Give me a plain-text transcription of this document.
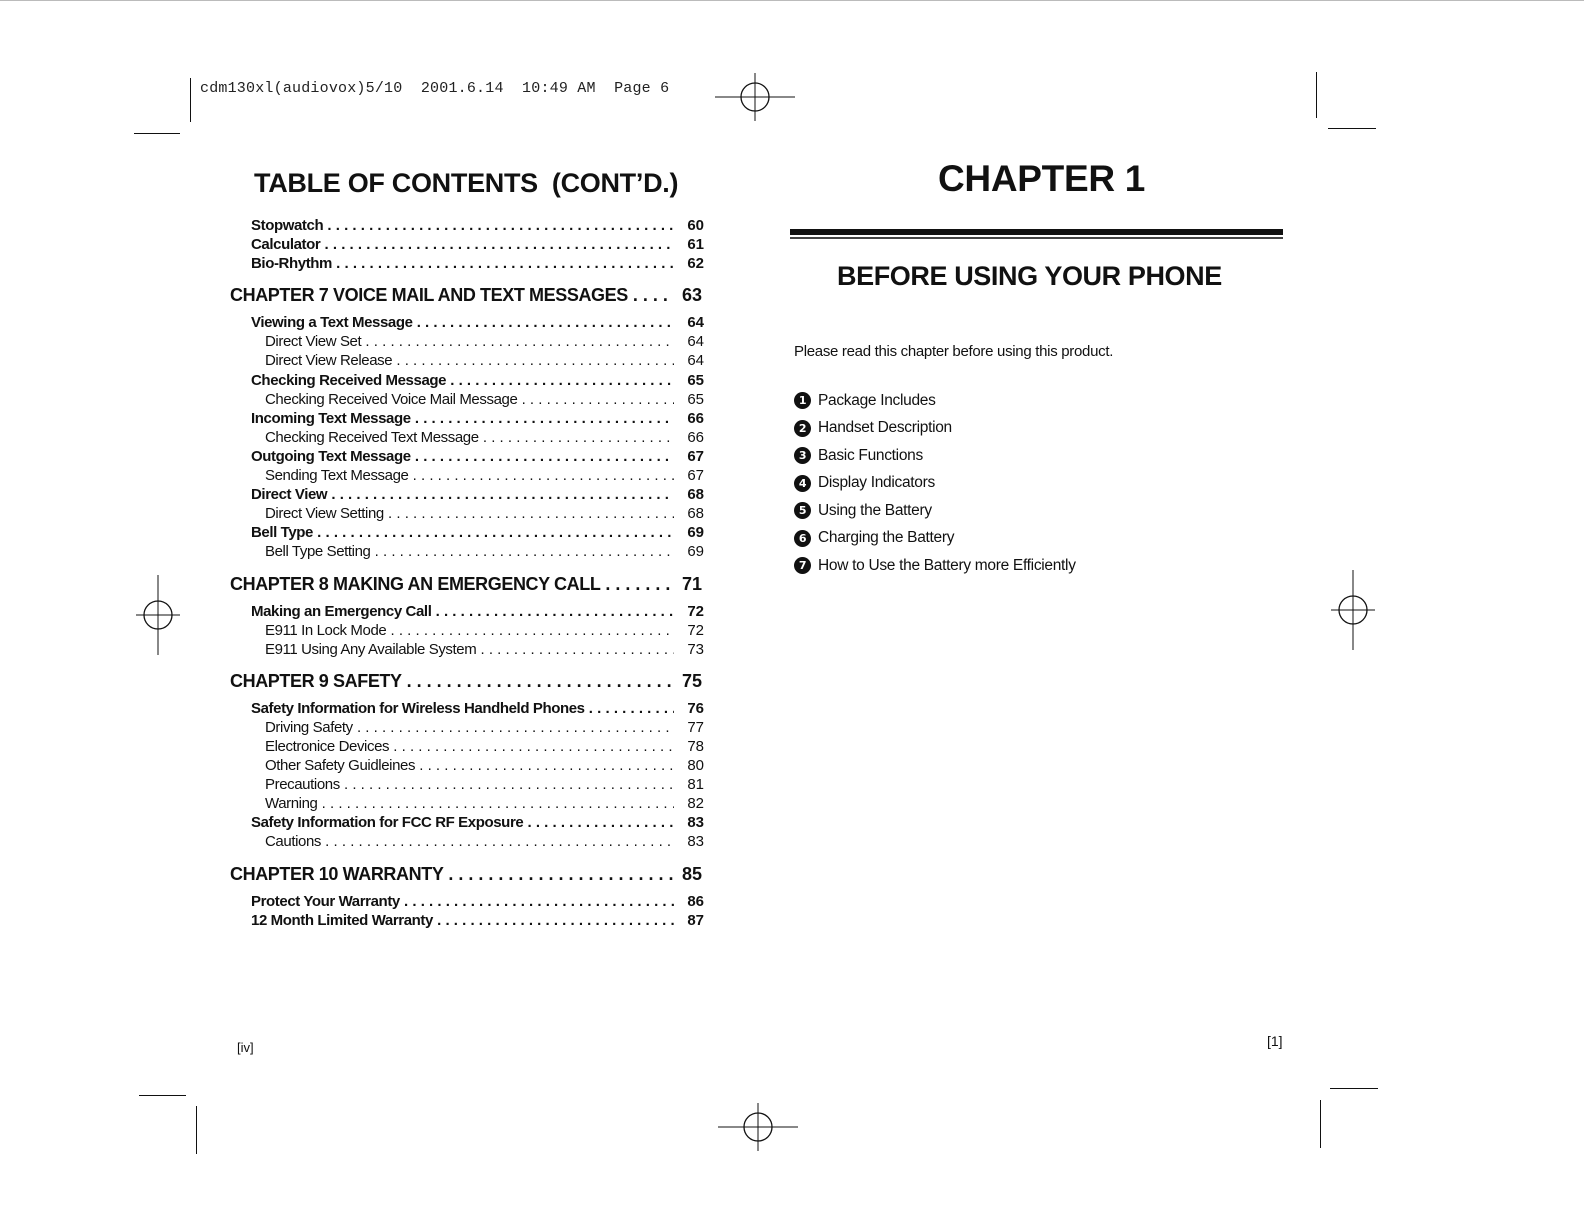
cdm130xl(audiovox)5/10  2001.6.14  10:49 AM  Page 6
TABLE OF CONTENTS (CONT’D.)
Stopwatch . . .	60
Calculator . . .	61
Bio-Rhythm . . .	62
CHAPTER 7 VOICE MAIL AND TEXT MESSAGES . . .	63
Viewing a Text Message . . .	64
Direct View Set . . .	64
Direct View Release . . .	64
Checking Received Message . . .	65
Checking Received Voice Mail Message . . .	65
Incoming Text Message . . .	66
Checking Received Text Message . . .	66
Outgoing Text Message . . .	67
Sending Text Message . . .	67
Direct View . . .	68
Direct View Setting . . .	68
Bell Type . . .	69
Bell Type Setting . . .	69
CHAPTER 8 MAKING AN EMERGENCY CALL . . .	71
Making an Emergency Call . . .	72
E911 In Lock Mode . . .	72
E911 Using Any Available System . . .	73
CHAPTER 9 SAFETY . . .	75
Safety Information for Wireless Handheld Phones . . .	76
Driving Safety . . .	77
Electronice Devices . . .	78
Other Safety Guidleines . . .	80
Precautions . . .	81
Warning . . .	82
Safety Information for FCC RF Exposure . . .	83
Cautions . . .	83
CHAPTER 10 WARRANTY . . .	85
Protect Your Warranty . . .	86
12 Month Limited Warranty . . .	87
[iv]
CHAPTER 1
BEFORE USING YOUR PHONE
Please read this chapter before using this product.
1 Package Includes
2 Handset Description
3 Basic Functions
4 Display Indicators
5 Using the Battery
6 Charging the Battery
7 How to Use the Battery more Efficiently
[1]
